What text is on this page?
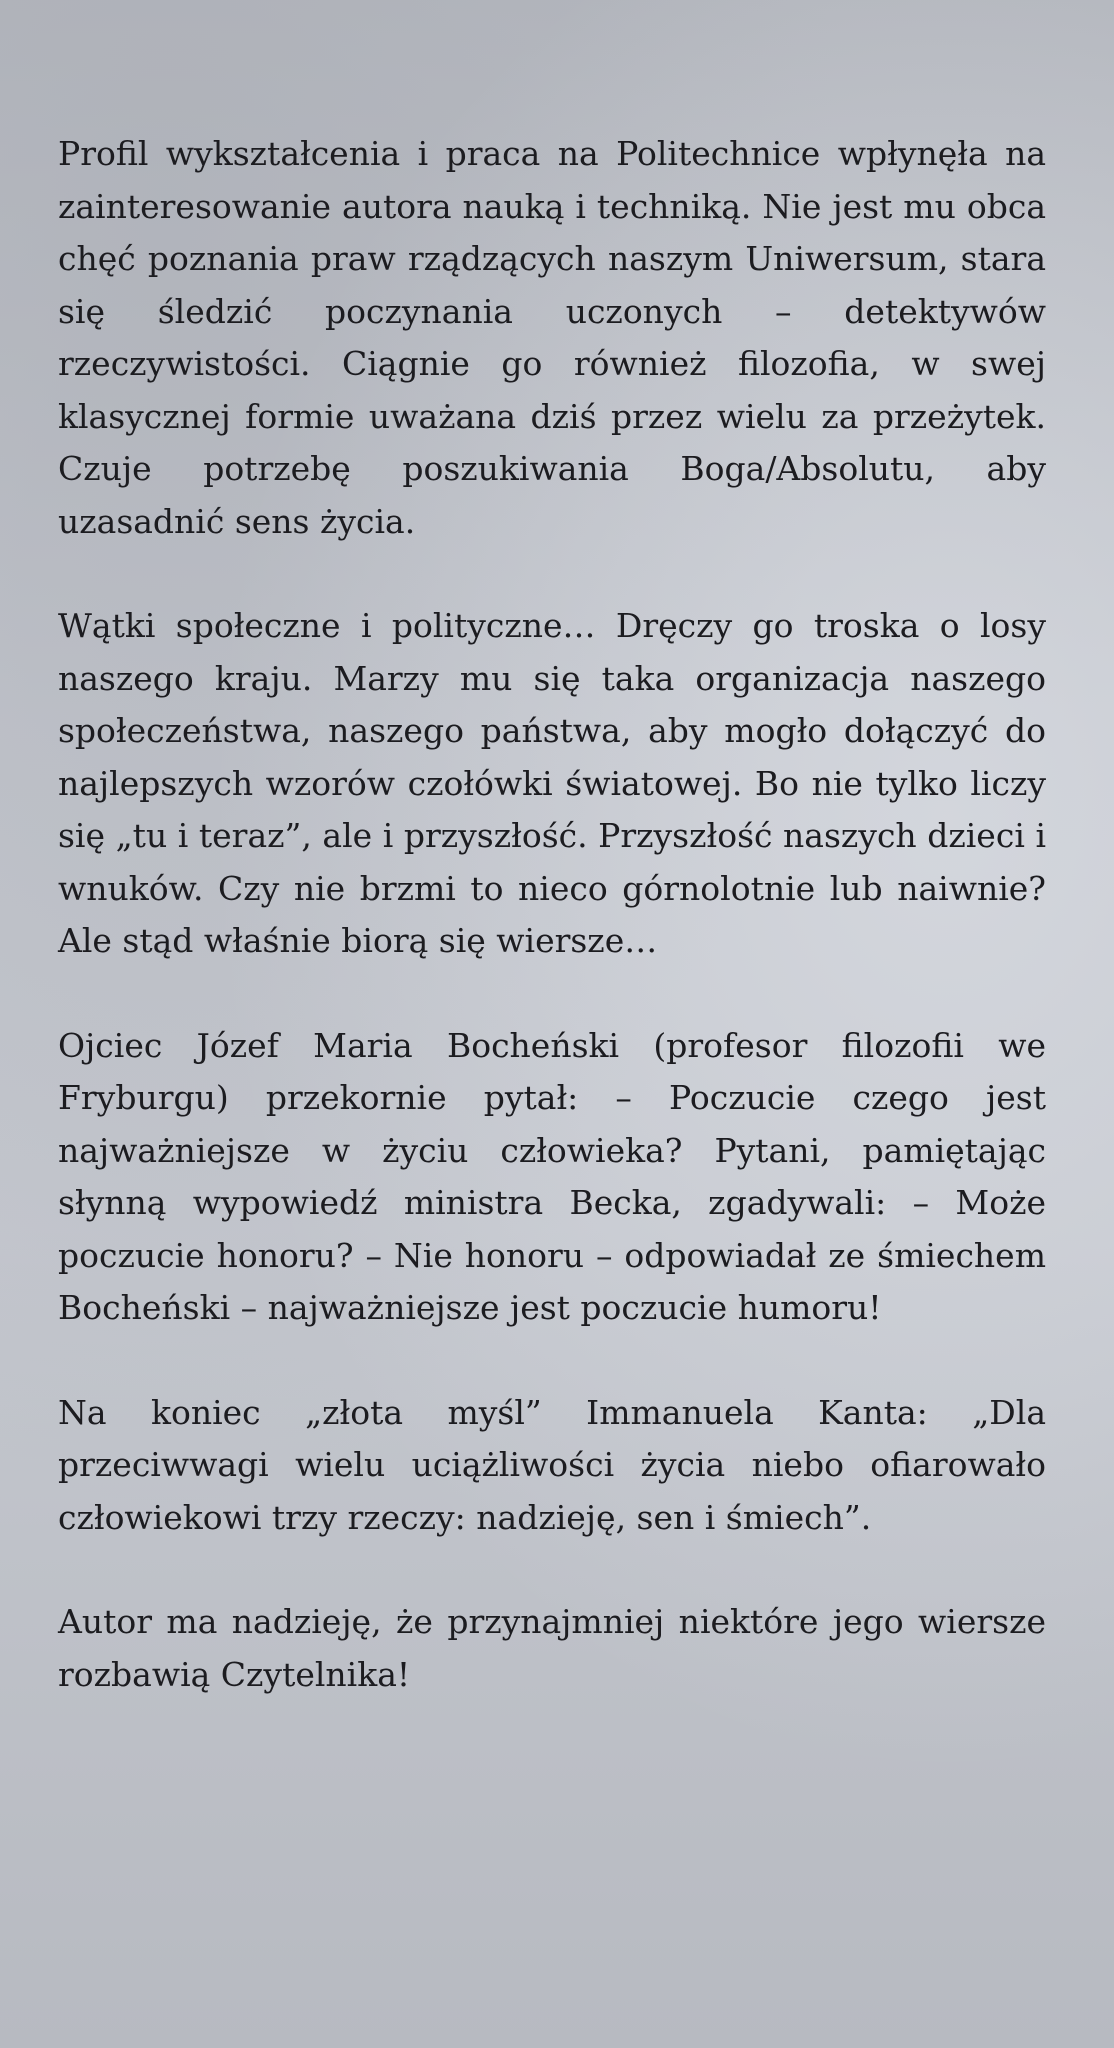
Profil wykształcenia i praca na Politechnice wpłynęła na zainteresowanie autora nauką i techniką. Nie jest mu obca chęć poznania praw rządzących naszym Uniwersum, stara się śledzić poczynania uczonych – detektywów rzeczywistości. Ciągnie go również filozofia, w swej klasycznej formie uważana dziś przez wielu za przeżytek. Czuje potrzebę poszukiwania Boga/Absolutu, aby uzasadnić sens życia.

Wątki społeczne i polityczne… Dręczy go troska o losy naszego kraju. Marzy mu się taka organizacja naszego społeczeństwa, naszego państwa, aby mogło dołączyć do najlepszych wzorów czołówki światowej. Bo nie tylko liczy się „tu i teraz”, ale i przyszłość. Przyszłość naszych dzieci i wnuków. Czy nie brzmi to nieco górnolotnie lub naiwnie? Ale stąd właśnie biorą się wiersze…

Ojciec Józef Maria Bocheński (profesor filozofii we Fryburgu) przekornie pytał: – Poczucie czego jest najważniejsze w życiu człowieka? Pytani, pamiętając słynną wypowiedź ministra Becka, zgadywali: – Może poczucie honoru? – Nie honoru – odpowiadał ze śmiechem Bocheński – najważniejsze jest poczucie humoru!

Na koniec „złota myśl” Immanuela Kanta: „Dla przeciwwagi wielu uciążliwości życia niebo ofiarowało człowiekowi trzy rzeczy: nadzieję, sen i śmiech”.

Autor ma nadzieję, że przynajmniej niektóre jego wiersze rozbawią Czytelnika!
